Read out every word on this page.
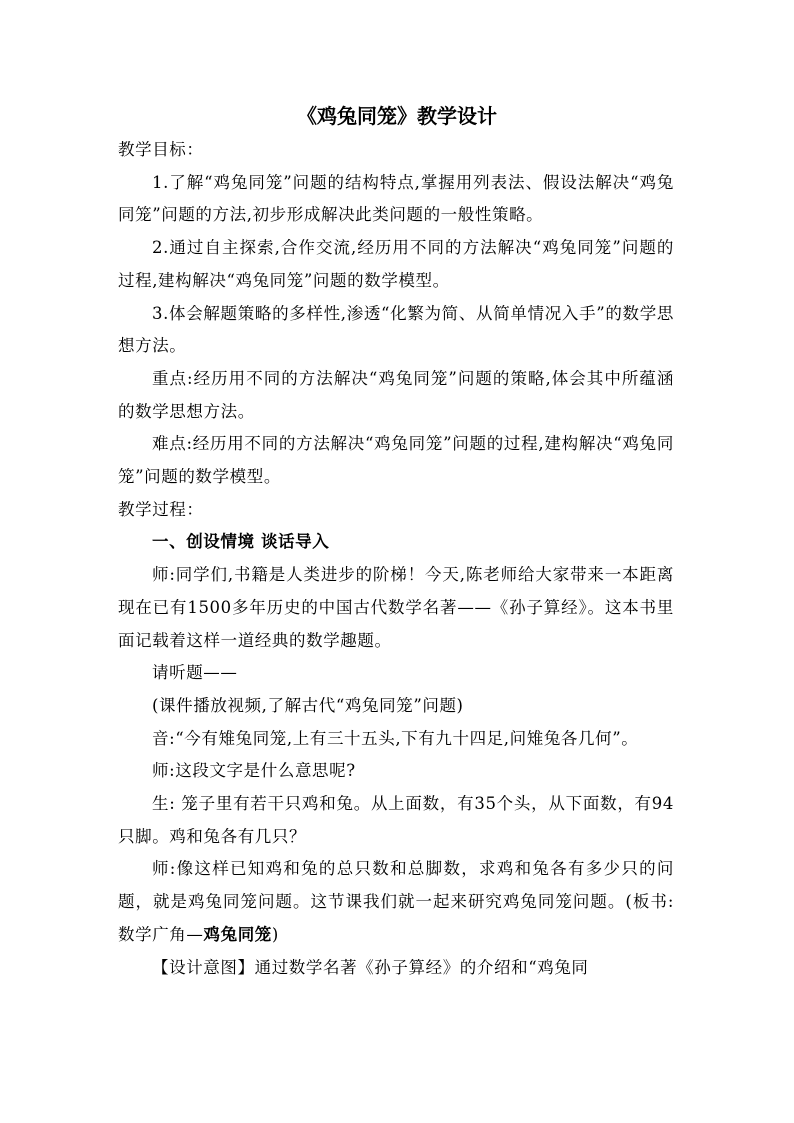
《鸡兔同笼》教学设计

教学目标：

1.了解“鸡兔同笼”问题的结构特点,掌握用列表法、假设法解决“鸡兔同笼”问题的方法,初步形成解决此类问题的一般性策略。

2.通过自主探索,合作交流,经历用不同的方法解决“鸡兔同笼”问题的过程,建构解决“鸡兔同笼”问题的数学模型。

3.体会解题策略的多样性,渗透“化繁为简、从简单情况入手”的数学思想方法。

重点:经历用不同的方法解决“鸡兔同笼”问题的策略,体会其中所蕴涵的数学思想方法。

难点:经历用不同的方法解决“鸡兔同笼”问题的过程,建构解决“鸡兔同笼”问题的数学模型。

教学过程：

一、创设情境 谈话导入

师:同学们,书籍是人类进步的阶梯！今天,陈老师给大家带来一本距离现在已有1500多年历史的中国古代数学名著——《孙子算经》。这本书里面记载着这样一道经典的数学趣题。

请听题——

(课件播放视频,了解古代“鸡兔同笼”问题)

音:“今有雉兔同笼,上有三十五头,下有九十四足,问雉兔各几何”。

师:这段文字是什么意思呢?

生: 笼子里有若干只鸡和兔。从上面数，有35个头，从下面数，有94只脚。鸡和兔各有几只？

师:像这样已知鸡和兔的总只数和总脚数，求鸡和兔各有多少只的问题，就是鸡兔同笼问题。这节课我们就一起来研究鸡兔同笼问题。(板书:数学广角—鸡兔同笼)

【设计意图】通过数学名著《孙子算经》的介绍和“鸡兔同
